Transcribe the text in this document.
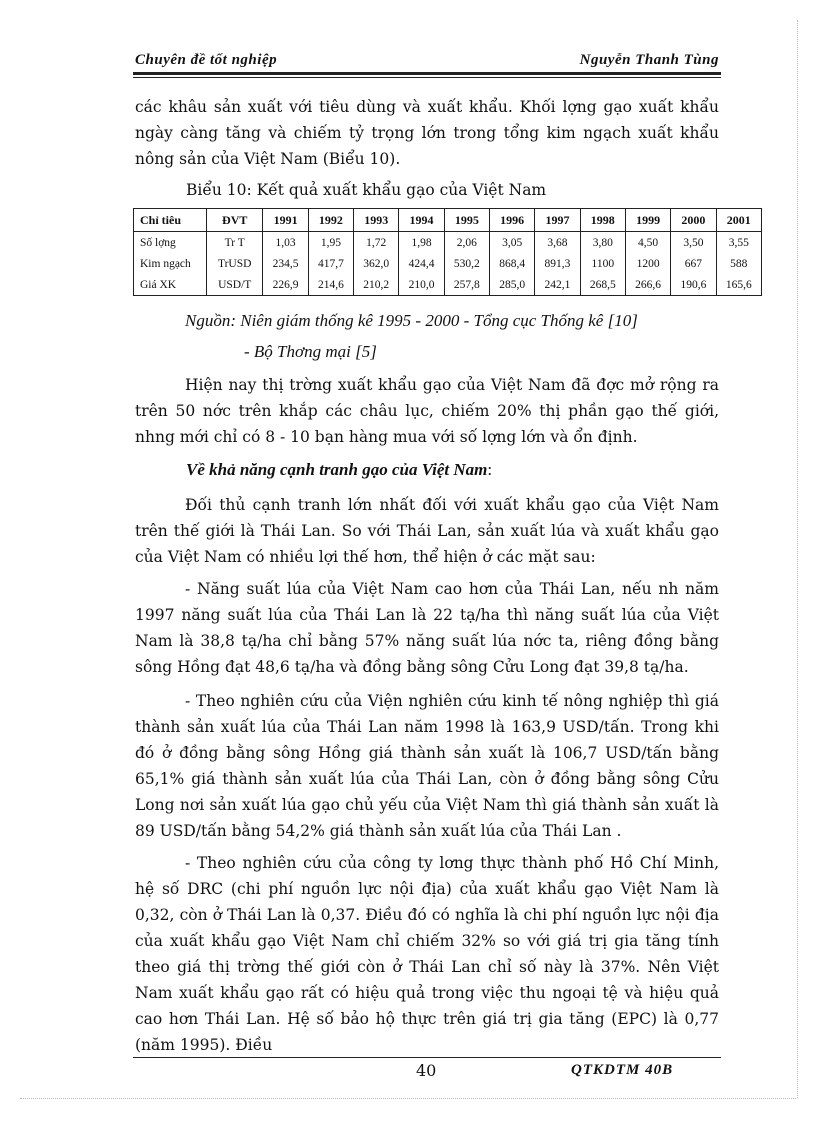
Chuyên đề tốt nghiệp	Nguyễn Thanh Tùng
các khâu sản xuất với tiêu dùng và xuất khẩu. Khối lợng gạo xuất khẩu ngày càng tăng và chiếm tỷ trọng lớn trong tổng kim ngạch xuất khẩu nông sản của Việt Nam (Biểu 10).
Biểu 10: Kết quả xuất khẩu gạo của Việt Nam
Chỉ tiêu	ĐVT	1991	1992	1993	1994	1995	1996	1997	1998	1999	2000	2001
Số lợng	Tr T	1,03	1,95	1,72	1,98	2,06	3,05	3,68	3,80	4,50	3,50	3,55
Kim ngạch	TrUSD	234,5	417,7	362,0	424,4	530,2	868,4	891,3	1100	1200	667	588
Giá XK	USD/T	226,9	214,6	210,2	210,0	257,8	285,0	242,1	268,5	266,6	190,6	165,6
Nguồn: Niên giám thống kê 1995 - 2000 - Tổng cục Thống kê [10]
- Bộ Thơng mại [5]
Hiện nay thị trờng xuất khẩu gạo của Việt Nam đã đợc mở rộng ra trên 50 nớc trên khắp các châu lục, chiếm 20% thị phần gạo thế giới, nhng mới chỉ có 8 - 10 bạn hàng mua với số lợng lớn và ổn định.
Về khả năng cạnh tranh gạo của Việt Nam:
Đối thủ cạnh tranh lớn nhất đối với xuất khẩu gạo của Việt Nam trên thế giới là Thái Lan. So với Thái Lan, sản xuất lúa và xuất khẩu gạo của Việt Nam có nhiều lợi thế hơn, thể hiện ở các mặt sau:
- Năng suất lúa của Việt Nam cao hơn của Thái Lan, nếu nh năm 1997 năng suất lúa của Thái Lan là 22 tạ/ha thì năng suất lúa của Việt Nam là 38,8 tạ/ha chỉ bằng 57% năng suất lúa nớc ta, riêng đồng bằng sông Hồng đạt 48,6 tạ/ha và đồng bằng sông Cửu Long đạt 39,8 tạ/ha.
- Theo nghiên cứu của Viện nghiên cứu kinh tế nông nghiệp thì giá thành sản xuất lúa của Thái Lan năm 1998 là 163,9 USD/tấn. Trong khi đó ở đồng bằng sông Hồng giá thành sản xuất là 106,7 USD/tấn bằng 65,1% giá thành sản xuất lúa của Thái Lan, còn ở đồng bằng sông Cửu Long nơi sản xuất lúa gạo chủ yếu của Việt Nam thì giá thành sản xuất là 89 USD/tấn bằng 54,2% giá thành sản xuất lúa của Thái Lan .
- Theo nghiên cứu của công ty lơng thực thành phố Hồ Chí Minh, hệ số DRC (chi phí nguồn lực nội địa) của xuất khẩu gạo Việt Nam là 0,32, còn ở Thái Lan là 0,37. Điều đó có nghĩa là chi phí nguồn lực nội địa của xuất khẩu gạo Việt Nam chỉ chiếm 32% so với giá trị gia tăng tính theo giá thị trờng thế giới còn ở Thái Lan chỉ số này là 37%. Nên Việt Nam xuất khẩu gạo rất có hiệu quả trong việc thu ngoại tệ và hiệu quả cao hơn Thái Lan. Hệ số bảo hộ thực trên giá trị gia tăng (EPC) là 0,77 (năm 1995). Điều
40	QTKDTM 40B
